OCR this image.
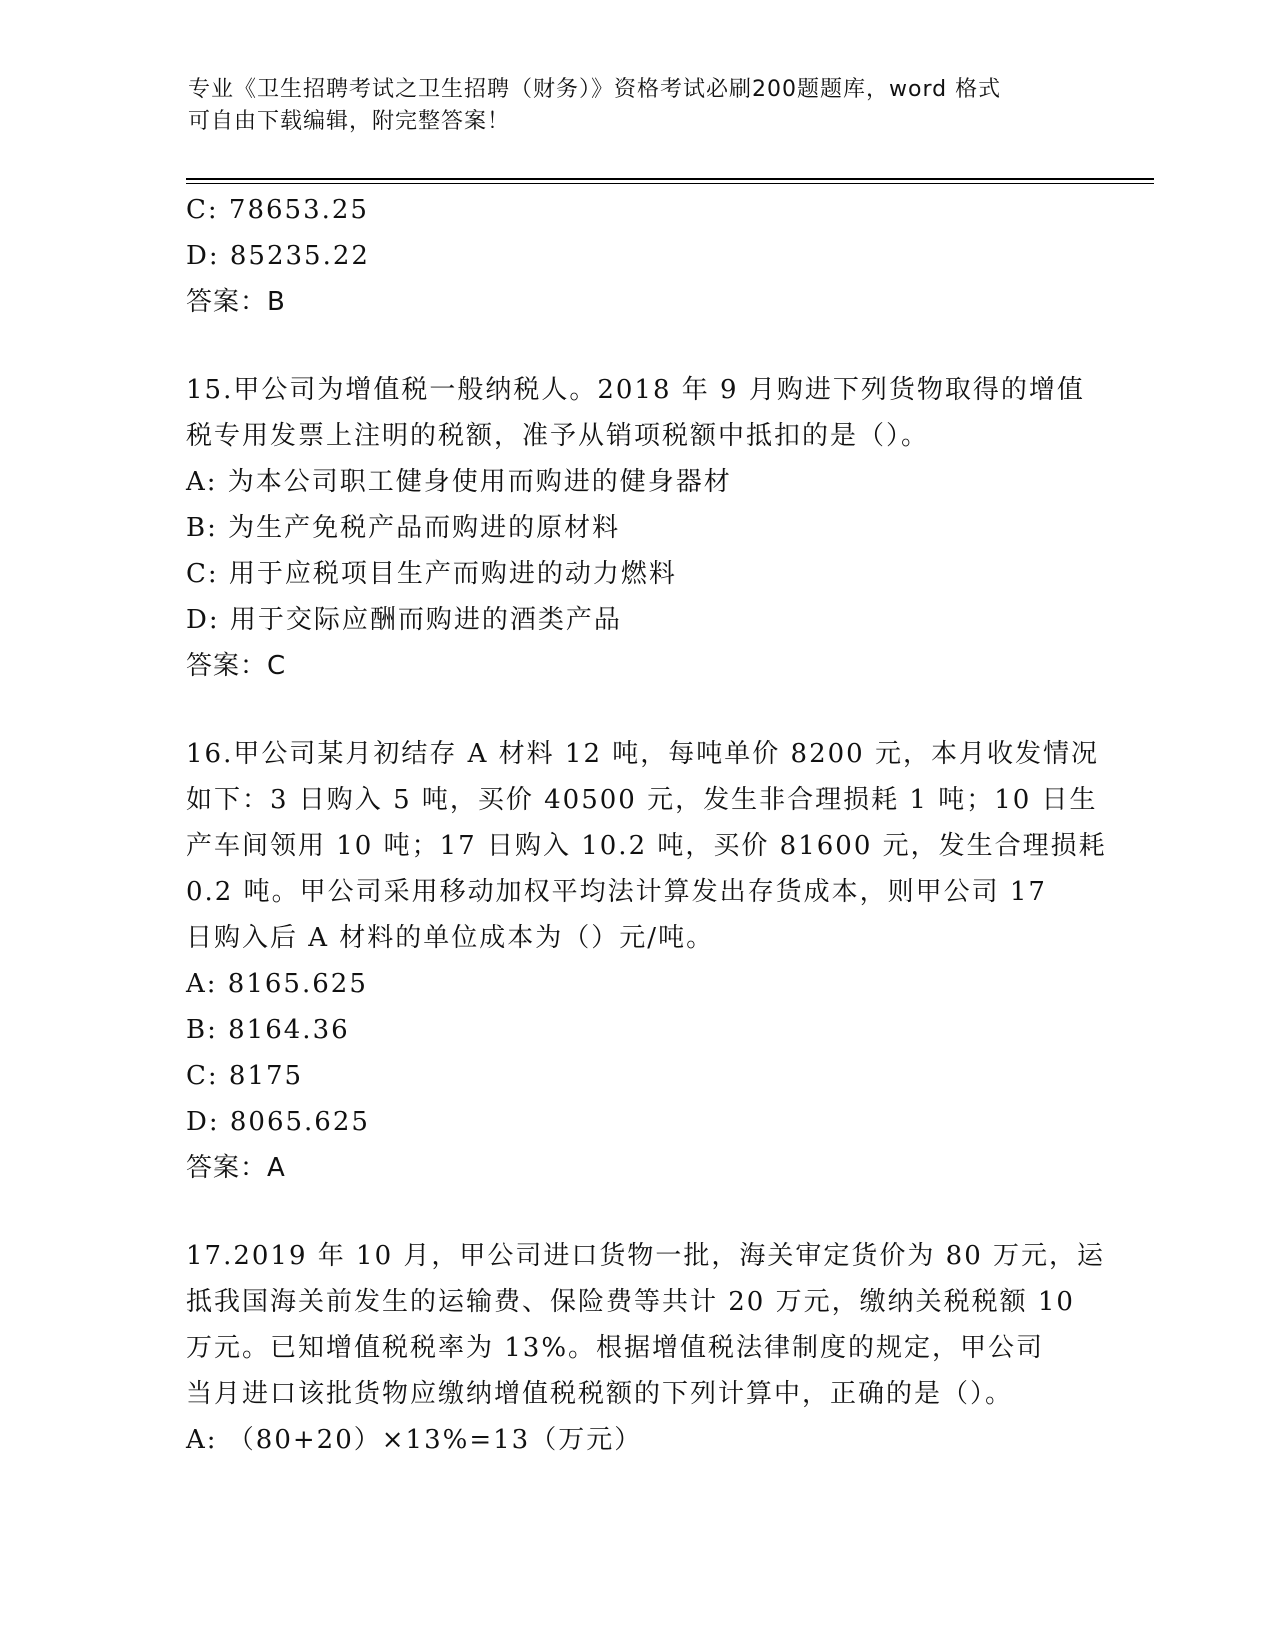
专业《卫生招聘考试之卫生招聘（财务）》资格考试必刷200题题库，word 格式
可自由下载编辑，附完整答案！
C: 78653.25
D: 85235.22
答案：B
15.甲公司为增值税一般纳税人。2018 年 9 月购进下列货物取得的增值
税专用发票上注明的税额，准予从销项税额中抵扣的是（）。
A: 为本公司职工健身使用而购进的健身器材
B: 为生产免税产品而购进的原材料
C: 用于应税项目生产而购进的动力燃料
D: 用于交际应酬而购进的酒类产品
答案：C
16.甲公司某月初结存 A 材料 12 吨，每吨单价 8200 元，本月收发情况
如下：3 日购入 5 吨，买价 40500 元，发生非合理损耗 1 吨；10 日生
产车间领用 10 吨；17 日购入 10.2 吨，买价 81600 元，发生合理损耗
0.2 吨。甲公司采用移动加权平均法计算发出存货成本，则甲公司 17
日购入后 A 材料的单位成本为（）元/吨。
A: 8165.625
B: 8164.36
C: 8175
D: 8065.625
答案：A
17.2019 年 10 月，甲公司进口货物一批，海关审定货价为 80 万元，运
抵我国海关前发生的运输费、保险费等共计 20 万元，缴纳关税税额 10
万元。已知增值税税率为 13%。根据增值税法律制度的规定，甲公司
当月进口该批货物应缴纳增值税税额的下列计算中，正确的是（）。
A: （80+20）×13%=13（万元）
